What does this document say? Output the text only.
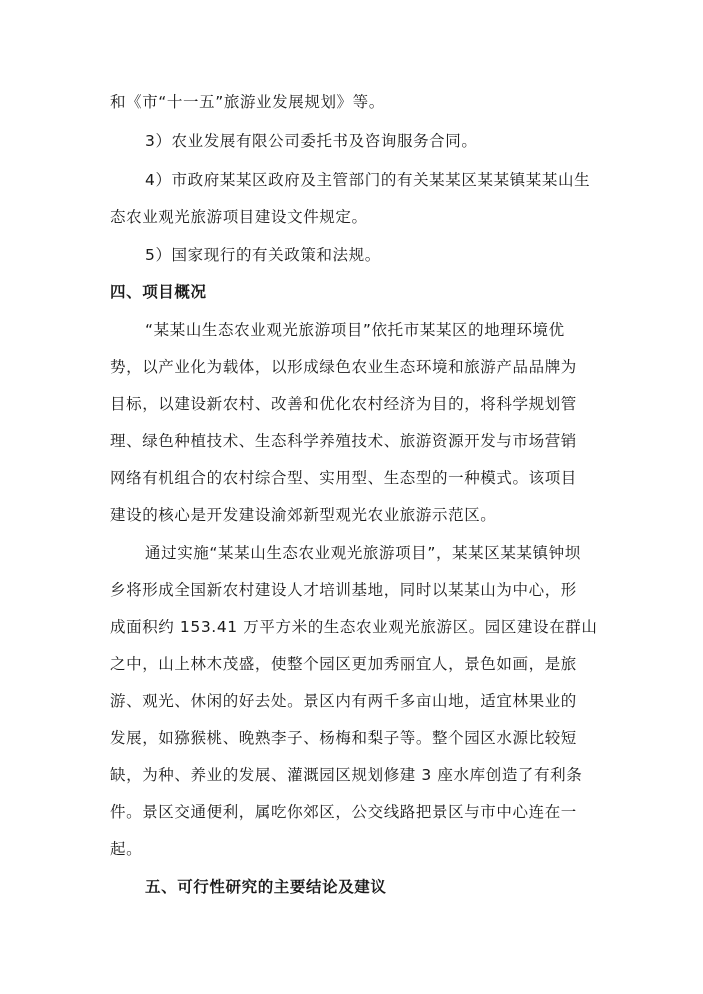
和《市“十一五”旅游业发展规划》等。
3）农业发展有限公司委托书及咨询服务合同。
4）市政府某某区政府及主管部门的有关某某区某某镇某某山生
态农业观光旅游项目建设文件规定。
5）国家现行的有关政策和法规。
四、项目概况
“某某山生态农业观光旅游项目”依托市某某区的地理环境优
势，以产业化为载体，以形成绿色农业生态环境和旅游产品品牌为
目标，以建设新农村、改善和优化农村经济为目的，将科学规划管
理、绿色种植技术、生态科学养殖技术、旅游资源开发与市场营销
网络有机组合的农村综合型、实用型、生态型的一种模式。该项目
建设的核心是开发建设渝郊新型观光农业旅游示范区。
通过实施“某某山生态农业观光旅游项目”，某某区某某镇钟坝
乡将形成全国新农村建设人才培训基地，同时以某某山为中心，形
成面积约 153.41 万平方米的生态农业观光旅游区。园区建设在群山
之中，山上林木茂盛，使整个园区更加秀丽宜人，景色如画，是旅
游、观光、休闲的好去处。景区内有两千多亩山地，适宜林果业的
发展，如猕猴桃、晚熟李子、杨梅和梨子等。整个园区水源比较短
缺，为种、养业的发展、灌溉园区规划修建 3 座水库创造了有利条
件。景区交通便利，属吃你郊区，公交线路把景区与市中心连在一
起。
五、可行性研究的主要结论及建议
